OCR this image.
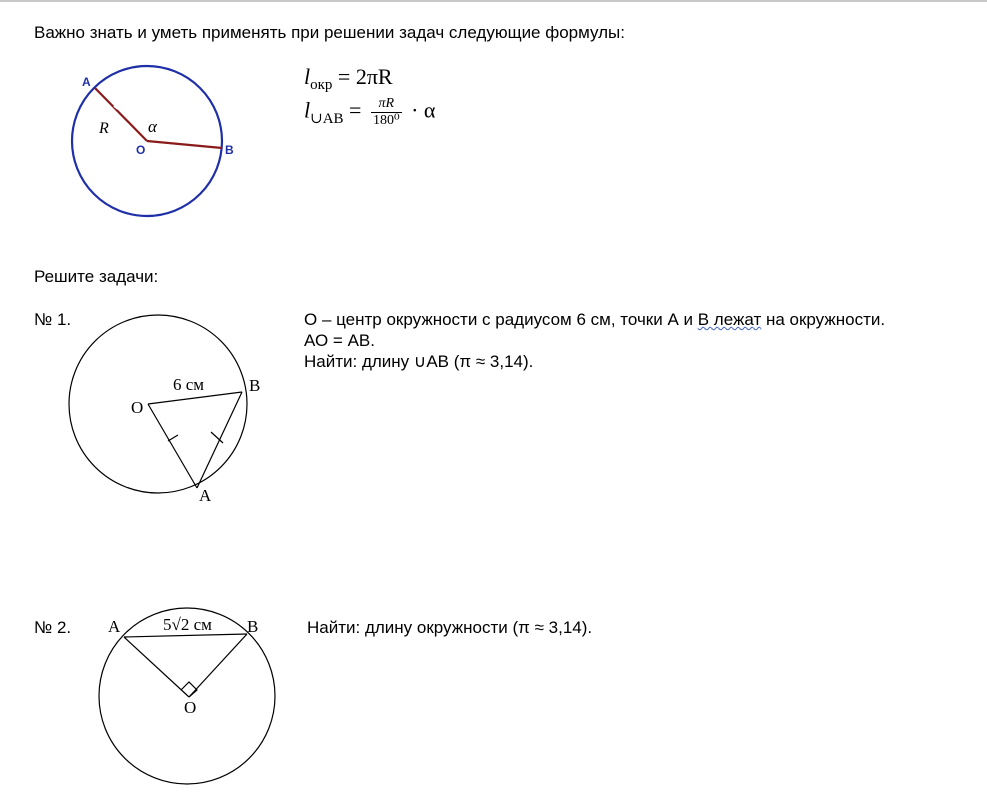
Важно знать и уметь применять при решении задач следующие формулы:
A
B
O
R α
$l_{окр} = 2\pi R$
$l_{\cup AB} = \frac{\pi R}{\text{180⁰}} \cdot \alpha$
Решите задачи:
№ 1.	О – центр окружности с радиусом 6 см, точки А и В лежат на окружности.
АО = АВ.
Найти: длину ∪AB (π ≈ 3,14).
O
B
A
6 см
№ 2.	Найти: длину окружности (π ≈ 3,14).
A	B
O
5√2 см
